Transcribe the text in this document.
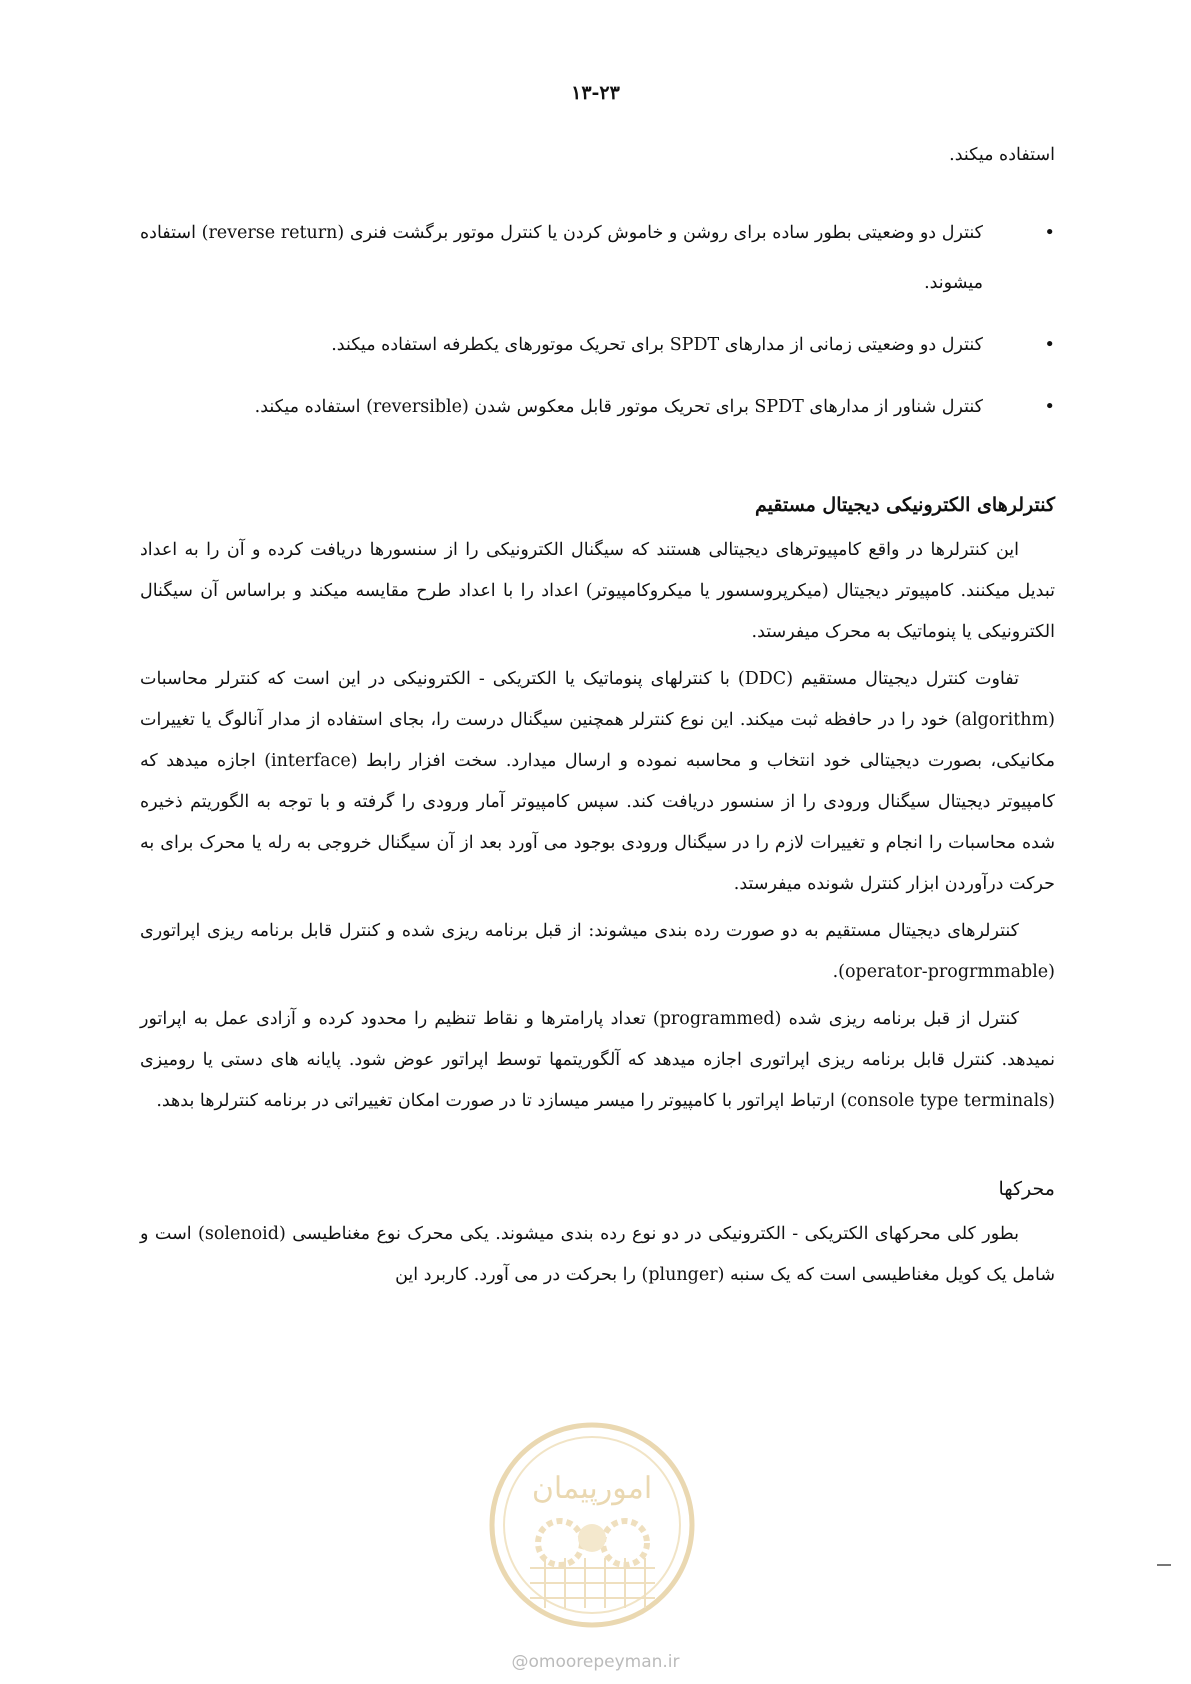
۱۳-۲۳

استفاده میکند.

•
کنترل دو وضعیتی بطور ساده برای روشن و خاموش کردن یا کنترل موتور برگشت فنری (reverse return) استفاده میشوند.
•
کنترل دو وضعیتی زمانی از مدارهای SPDT برای تحریک موتورهای یکطرفه استفاده میکند.
•
کنترل شناور از مدارهای SPDT برای تحریک موتور قابل معکوس شدن (reversible) استفاده میکند.
کنترلرهای الکترونیکی دیجیتال مستقیم

این کنترلرها در واقع کامپیوترهای دیجیتالی هستند که سیگنال الکترونیکی را از سنسورها دریافت کرده و آن را به اعداد تبدیل میکنند. کامپیوتر دیجیتال (میکرپروسسور یا میکروکامپیوتر) اعداد را با اعداد طرح مقایسه میکند و براساس آن سیگنال الکترونیکی یا پنوماتیک به محرک میفرستد.

تفاوت کنترل دیجیتال مستقیم (DDC) با کنترلهای پنوماتیک یا الکتریکی - الکترونیکی در این است که کنترلر محاسبات (algorithm) خود را در حافظه ثبت میکند. این نوع کنترلر همچنین سیگنال درست را، بجای استفاده از مدار آنالوگ یا تغییرات مکانیکی، بصورت دیجیتالی خود انتخاب و محاسبه نموده و ارسال میدارد. سخت افزار رابط (interface) اجازه میدهد که کامپیوتر دیجیتال سیگنال ورودی را از سنسور دریافت کند. سپس کامپیوتر آمار ورودی را گرفته و با توجه به الگوریتم ذخیره شده محاسبات را انجام و تغییرات لازم را در سیگنال ورودی بوجود می آورد بعد از آن سیگنال خروجی به رله یا محرک برای به حرکت درآوردن ابزار کنترل شونده میفرستد.

کنترلرهای دیجیتال مستقیم به دو صورت رده بندی میشوند: از قبل برنامه ریزی شده و کنترل قابل برنامه ریزی اپراتوری (operator-progrmmable).

کنترل از قبل برنامه ریزی شده (programmed) تعداد پارامترها و نقاط تنظیم را محدود کرده و آزادی عمل به اپراتور نمیدهد. کنترل قابل برنامه ریزی اپراتوری اجازه میدهد که آلگوریتمها توسط اپراتور عوض شود. پایانه های دستی یا رومیزی (console type terminals) ارتباط اپراتور با کامپیوتر را میسر میسازد تا در صورت امکان تغییراتی در برنامه کنترلرها بدهد.

محرکها

بطور کلی محرکهای الکتریکی - الکترونیکی در دو نوع رده بندی میشوند. یکی محرک نوع مغناطیسی (solenoid) است و شامل یک کویل مغناطیسی است که یک سنبه (plunger) را بحرکت در می آورد. کاربرد این

امورپیمان
@omoorepeyman.ir
